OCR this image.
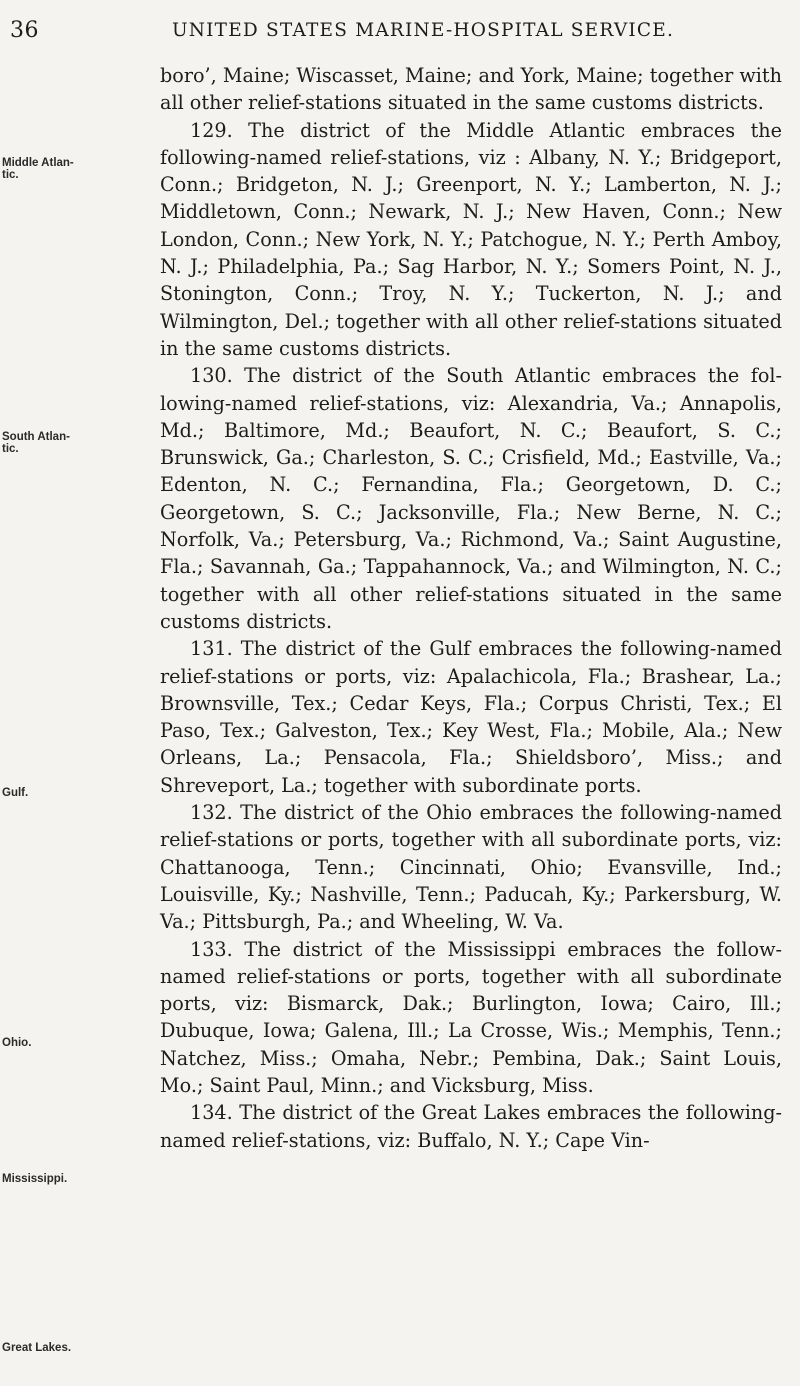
36	UNITED STATES MARINE-HOSPITAL SERVICE.
Middle Atlan-
tic.
South Atlan-
tic.
Gulf.
Ohio.
Mississippi.
Great Lakes.

boro’, Maine; Wiscasset, Maine; and York, Maine; together with all other relief-stations situated in the same customs districts.

129. The district of the Middle Atlantic embraces the following-named relief-stations, viz : Albany, N. Y.; Bridgeport, Conn.; Bridgeton, N. J.; Greenport, N. Y.; Lamberton, N. J.; Middletown, Conn.; Newark, N. J.; New Haven, Conn.; New London, Conn.; New York, N. Y.; Patchogue, N. Y.; Perth Amboy, N. J.; Philadelphia, Pa.; Sag Harbor, N. Y.; Somers Point, N. J., Stonington, Conn.; Troy, N. Y.; Tuckerton, N. J.; and Wilmington, Del.; together with all other relief-stations situated in the same customs districts.

130. The district of the South Atlantic embraces the following-named relief-stations, viz: Alexandria, Va.; Annapolis, Md.; Baltimore, Md.; Beaufort, N. C.; Beaufort, S. C.; Brunswick, Ga.; Charleston, S. C.; Crisfield, Md.; Eastville, Va.; Edenton, N. C.; Fernandina, Fla.; Georgetown, D. C.; Georgetown, S. C.; Jacksonville, Fla.; New Berne, N. C.; Norfolk, Va.; Petersburg, Va.; Richmond, Va.; Saint Augustine, Fla.; Savannah, Ga.; Tappahannock, Va.; and Wilmington, N. C.; together with all other relief-stations situated in the same customs districts.

131. The district of the Gulf embraces the following-named relief-stations or ports, viz: Apalachicola, Fla.; Brashear, La.; Brownsville, Tex.; Cedar Keys, Fla.; Corpus Christi, Tex.; El Paso, Tex.; Galveston, Tex.; Key West, Fla.; Mobile, Ala.; New Orleans, La.; Pensacola, Fla.; Shieldsboro’, Miss.; and Shreveport, La.; together with subordinate ports.

132. The district of the Ohio embraces the following-named relief-stations or ports, together with all subordinate ports, viz: Chattanooga, Tenn.; Cincinnati, Ohio; Evansville, Ind.; Louisville, Ky.; Nashville, Tenn.; Paducah, Ky.; Parkersburg, W. Va.; Pittsburgh, Pa.; and Wheeling, W. Va.

133. The district of the Mississippi embraces the follownamed relief-stations or ports, together with all subordinate ports, viz: Bismarck, Dak.; Burlington, Iowa; Cairo, Ill.; Dubuque, Iowa; Galena, Ill.; La Crosse, Wis.; Memphis, Tenn.; Natchez, Miss.; Omaha, Nebr.; Pembina, Dak.; Saint Louis, Mo.; Saint Paul, Minn.; and Vicksburg, Miss.

134. The district of the Great Lakes embraces the following-named relief-stations, viz: Buffalo, N. Y.; Cape Vin-
